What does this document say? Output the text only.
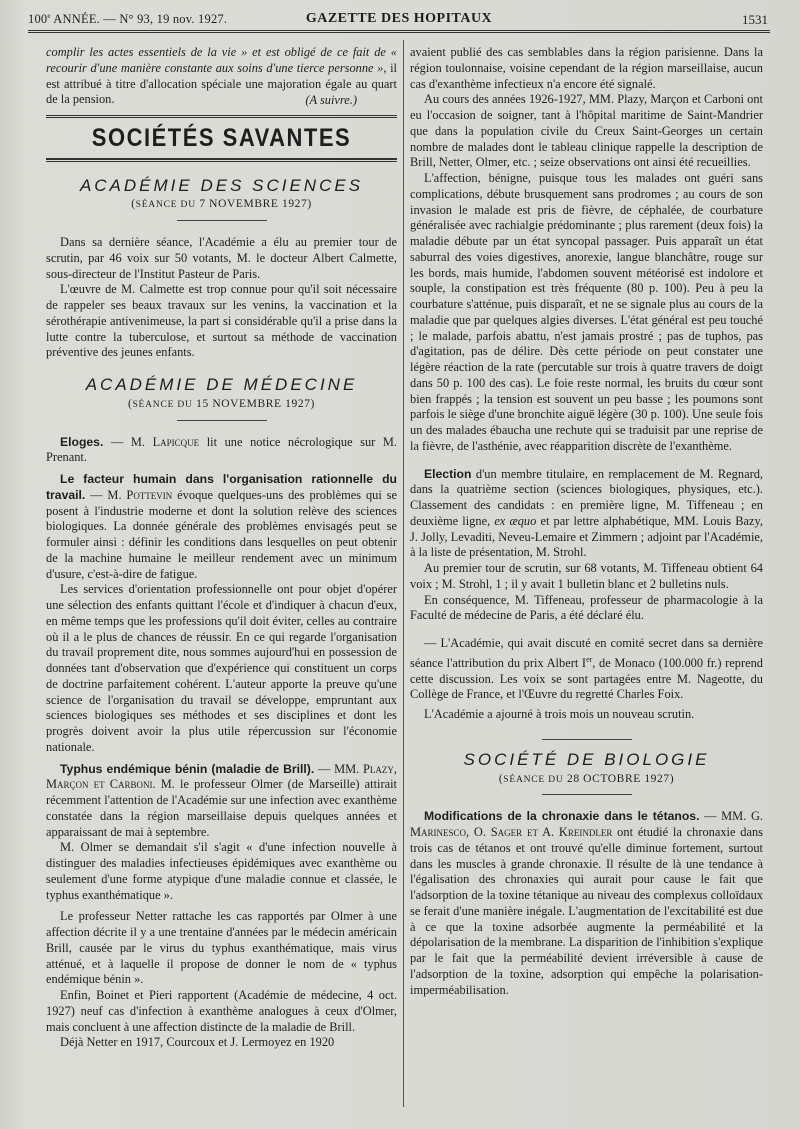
100e ANNÉE. — N° 93, 19 nov. 1927.	GAZETTE DES HOPITAUX	1531

complir les actes essentiels de la vie » et est obligé de ce fait de « recourir d'une manière constante aux soins d'une tierce personne », il est attribué à titre d'allocation spéciale une majoration égale au quart de la pension.	(A suivre.)
SOCIÉTÉS SAVANTES
ACADÉMIE DES SCIENCES
(SÉANCE DU 7 NOVEMBRE 1927)

Dans sa dernière séance, l'Académie a élu au premier tour de scrutin, par 46 voix sur 50 votants, M. le docteur Albert Calmette, sous-directeur de l'Institut Pasteur de Paris.

L'œuvre de M. Calmette est trop connue pour qu'il soit nécessaire de rappeler ses beaux travaux sur les venins, la vaccination et la sérothérapie antivenimeuse, la part si considérable qu'il a prise dans la lutte contre la tuberculose, et surtout sa méthode de vaccination préventive des jeunes enfants.

ACADÉMIE DE MÉDECINE
(SÉANCE DU 15 NOVEMBRE 1927)

Eloges. — M. Lapicque lit une notice nécrologique sur M. Prenant.

Le facteur humain dans l'organisation rationnelle du travail. — M. Pottevin évoque quelques-uns des problèmes qui se posent à l'industrie moderne et dont la solution relève des sciences biologiques. La donnée générale des problèmes envisagés peut se formuler ainsi : définir les conditions dans lesquelles on peut obtenir de la machine humaine le meilleur rendement avec un minimum d'usure, c'est-à-dire de fatigue.

Les services d'orientation professionnelle ont pour objet d'opérer une sélection des enfants quittant l'école et d'indiquer à chacun d'eux, en même temps que les professions qu'il doit éviter, celles au contraire où il a le plus de chances de réussir. En ce qui regarde l'organisation du travail proprement dite, nous sommes aujourd'hui en possession de données tant d'observation que d'expérience qui constituent un corps de doctrine parfaitement cohérent. L'auteur apporte la preuve qu'une science de l'organisation du travail se développe, empruntant aux sciences biologiques ses méthodes et ses disciplines et dont les progrès doivent avoir la plus utile répercussion sur l'économie nationale.

Typhus endémique bénin (maladie de Brill). — MM. Plazy, Marçon et Carboni. M. le professeur Olmer (de Marseille) attirait récemment l'attention de l'Académie sur une infection avec exanthème constatée dans la région marseillaise depuis quelques années et apparaissant de mai à septembre.

M. Olmer se demandait s'il s'agit « d'une infection nouvelle à distinguer des maladies infectieuses épidémiques avec exanthème ou seulement d'une forme atypique d'une maladie connue et classée, le typhus exanthématique ».

Le professeur Netter rattache les cas rapportés par Olmer à une affection décrite il y a une trentaine d'années par le médecin américain Brill, causée par le virus du typhus exanthématique, mais virus atténué, et à laquelle il propose de donner le nom de « typhus endémique bénin ».

Enfin, Boinet et Pieri rapportent (Académie de médecine, 4 oct. 1927) neuf cas d'infection à exanthème analogues à ceux d'Olmer, mais concluent à une affection distincte de la maladie de Brill.

Déjà Netter en 1917, Courcoux et J. Lermoyez en 1920

avaient publié des cas semblables dans la région parisienne. Dans la région toulonnaise, voisine cependant de la région marseillaise, aucun cas d'exanthème infectieux n'a encore été signalé.

Au cours des années 1926-1927, MM. Plazy, Marçon et Carboni ont eu l'occasion de soigner, tant à l'hôpital maritime de Saint-Mandrier que dans la population civile du Creux Saint-Georges un certain nombre de malades dont le tableau clinique rappelle la description de Brill, Netter, Olmer, etc. ; seize observations ont ainsi été recueillies.

L'affection, bénigne, puisque tous les malades ont guéri sans complications, débute brusquement sans prodromes ; au cours de son invasion le malade est pris de fièvre, de céphalée, de courbature généralisée avec rachialgie prédominante ; plus rarement (deux fois) la maladie débute par un état syncopal passager. Puis apparaît un état saburral des voies digestives, anorexie, langue blanchâtre, rouge sur les bords, mais humide, l'abdomen souvent météorisé est indolore et souple, la constipation est très fréquente (80 p. 100). Peu à peu la courbature s'atténue, puis disparaît, et ne se signale plus au cours de la maladie que par quelques algies diverses. L'état général est peu touché ; le malade, parfois abattu, n'est jamais prostré ; pas de tuphos, pas d'agitation, pas de délire. Dès cette période on peut constater une légère réaction de la rate (percutable sur trois à quatre travers de doigt dans 50 p. 100 des cas). Le foie reste normal, les bruits du cœur sont bien frappés ; la tension est souvent un peu basse ; les poumons sont parfois le siège d'une bronchite aiguë légère (30 p. 100). Une seule fois un des malades ébaucha une rechute qui se traduisit par une reprise de la fièvre, de l'asthénie, avec réapparition discrète de l'exanthème.

Election d'un membre titulaire, en remplacement de M. Regnard, dans la quatrième section (sciences biologiques, physiques, etc.). Classement des candidats : en première ligne, M. Tiffeneau ; en deuxième ligne, ex æquo et par lettre alphabétique, MM. Louis Bazy, J. Jolly, Levaditi, Neveu-Lemaire et Zimmern ; adjoint par l'Académie, à la liste de présentation, M. Strohl.

Au premier tour de scrutin, sur 68 votants, M. Tiffeneau obtient 64 voix ; M. Strohl, 1 ; il y avait 1 bulletin blanc et 2 bulletins nuls.

En conséquence, M. Tiffeneau, professeur de pharmacologie à la Faculté de médecine de Paris, a été déclaré élu.

— L'Académie, qui avait discuté en comité secret dans sa dernière séance l'attribution du prix Albert Ier, de Monaco (100.000 fr.) reprend cette discussion. Les voix se sont partagées entre M. Nageotte, du Collège de France, et l'Œuvre du regretté Charles Foix.

L'Académie a ajourné à trois mois un nouveau scrutin.

SOCIÉTÉ DE BIOLOGIE
(SÉANCE DU 28 OCTOBRE 1927)

Modifications de la chronaxie dans le tétanos. — MM. G. Marinesco, O. Sager et A. Kreindler ont étudié la chronaxie dans trois cas de tétanos et ont trouvé qu'elle diminue fortement, surtout dans les muscles à grande chronaxie. Il résulte de là une tendance à l'égalisation des chronaxies qui aurait pour cause le fait que l'adsorption de la toxine tétanique au niveau des complexus colloïdaux se ferait d'une manière inégale. L'augmentation de l'excitabilité est due à ce que la toxine adsorbée augmente la perméabilité et la dépolarisation de la membrane. La disparition de l'inhibition s'explique par le fait que la perméabilité devient irréversible à cause de l'adsorption de la toxine, adsorption qui empêche la polarisation-imperméabilisation.
